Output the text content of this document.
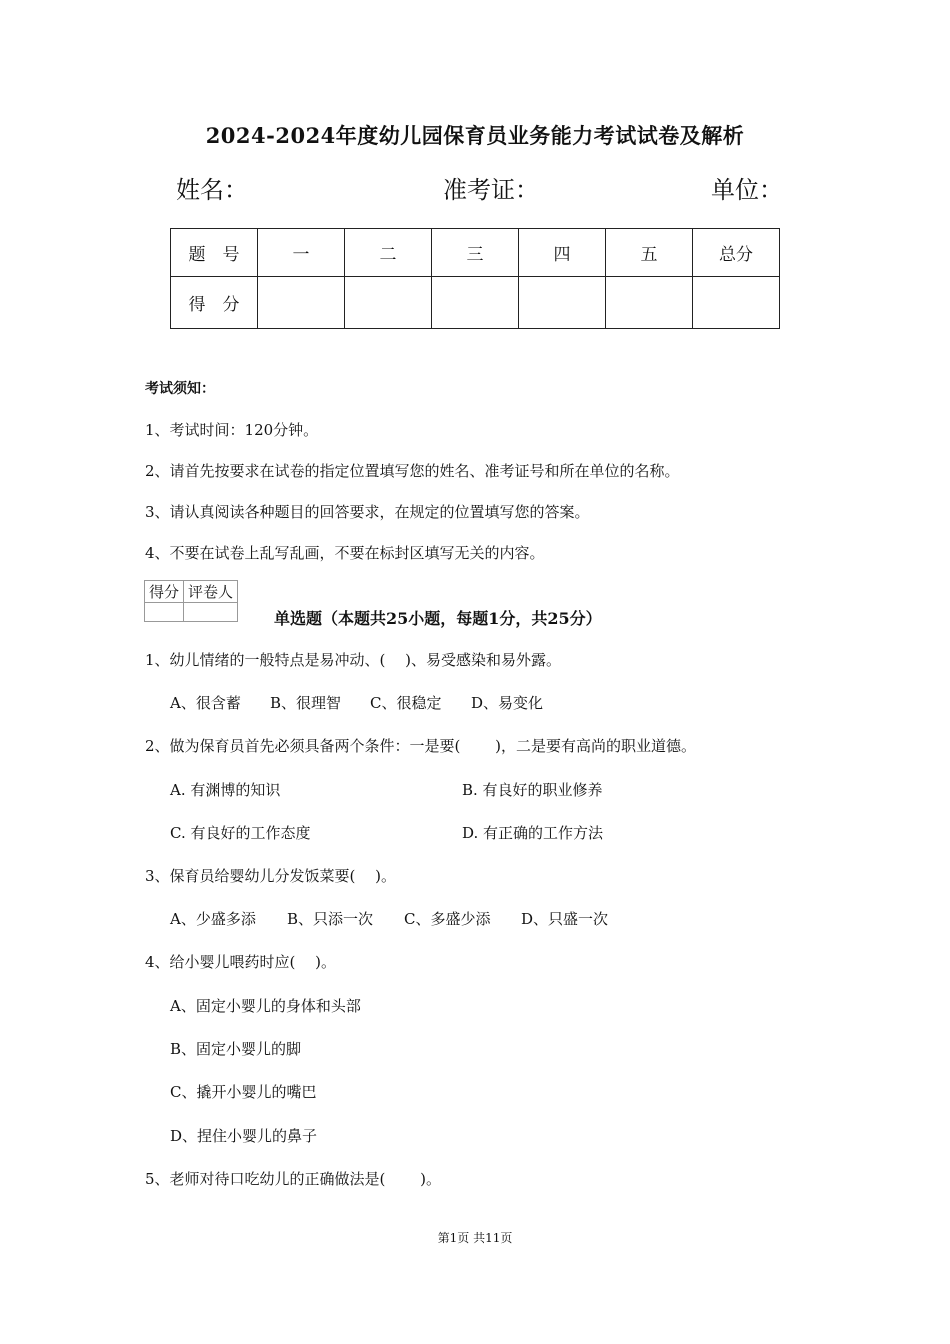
2024-2024年度幼儿园保育员业务能力考试试卷及解析
姓名：	准考证：	单位：
题　号	一	二	三	四	五	总分
得　分						
考试须知：
1、考试时间：120分钟。
2、请首先按要求在试卷的指定位置填写您的姓名、准考证号和所在单位的名称。
3、请认真阅读各种题目的回答要求，在规定的位置填写您的答案。
4、不要在试卷上乱写乱画，不要在标封区填写无关的内容。
得分	评卷人

单选题（本题共25小题，每题1分，共25分）
1、幼儿情绪的一般特点是易冲动、(　 )、易受感染和易外露。
A、很含蓄 B、很理智 C、很稳定 D、易变化
2、做为保育员首先必须具备两个条件：一是要(　　 )，二是要有高尚的职业道德。
A. 有渊博的知识	B. 有良好的职业修养
C. 有良好的工作态度	D. 有正确的工作方法
3、保育员给婴幼儿分发饭菜要(　 )。
A、少盛多添 B、只添一次 C、多盛少添 D、只盛一次
4、给小婴儿喂药时应(　 )。
A、固定小婴儿的身体和头部
B、固定小婴儿的脚
C、撬开小婴儿的嘴巴
D、捏住小婴儿的鼻子
5、老师对待口吃幼儿的正确做法是(　　 )。
第1页 共11页
